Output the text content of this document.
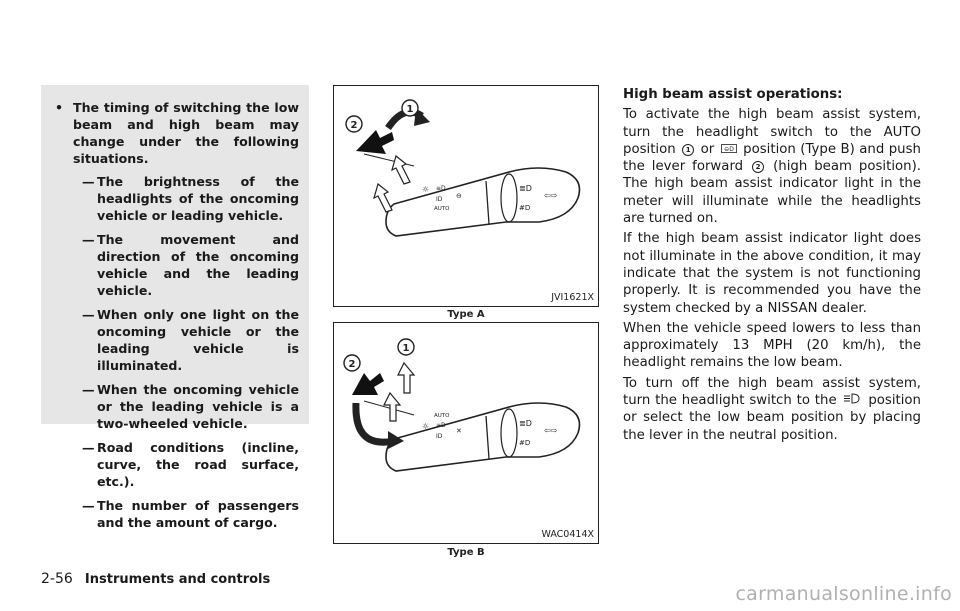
• The timing of switching the low beam and high beam may change under the following situations.
— The brightness of the headlights of the oncoming vehicle or leading vehicle.
— The movement and direction of the oncoming vehicle and the leading vehicle.
— When only one light on the oncoming vehicle or the leading vehicle is illuminated.
— When the oncoming vehicle or the leading vehicle is a two-wheeled vehicle.
— Road conditions (incline, curve, the road surface, etc.).
— The number of passengers and the amount of cargo.
☼ ≡D
ID
AUTO
⊖
≣D
#D
⇦⇨
1
2
JVI1621X
Type A
AUTO
☼ ≡D
ID
✕
≣D
#D
⇦⇨
1
2
WAC0414X
Type B
High beam assist operations:

To activate the high beam assist system, turn the headlight switch to the AUTO position 1 or ⊖D position (Type B) and push the lever forward 2 (high beam position). The high beam assist indicator light in the meter will illuminate while the headlights are turned on.

If the high beam assist indicator light does not illuminate in the above condition, it may indicate that the system is not functioning properly. It is recommended you have the system checked by a NISSAN dealer.

When the vehicle speed lowers to less than approximately 13 MPH (20 km/h), the headlight remains the low beam.

To turn off the high beam assist system, turn the headlight switch to the position or select the low beam position by placing the lever in the neutral position.

2-56 Instruments and controls
carmanualsonline.info
